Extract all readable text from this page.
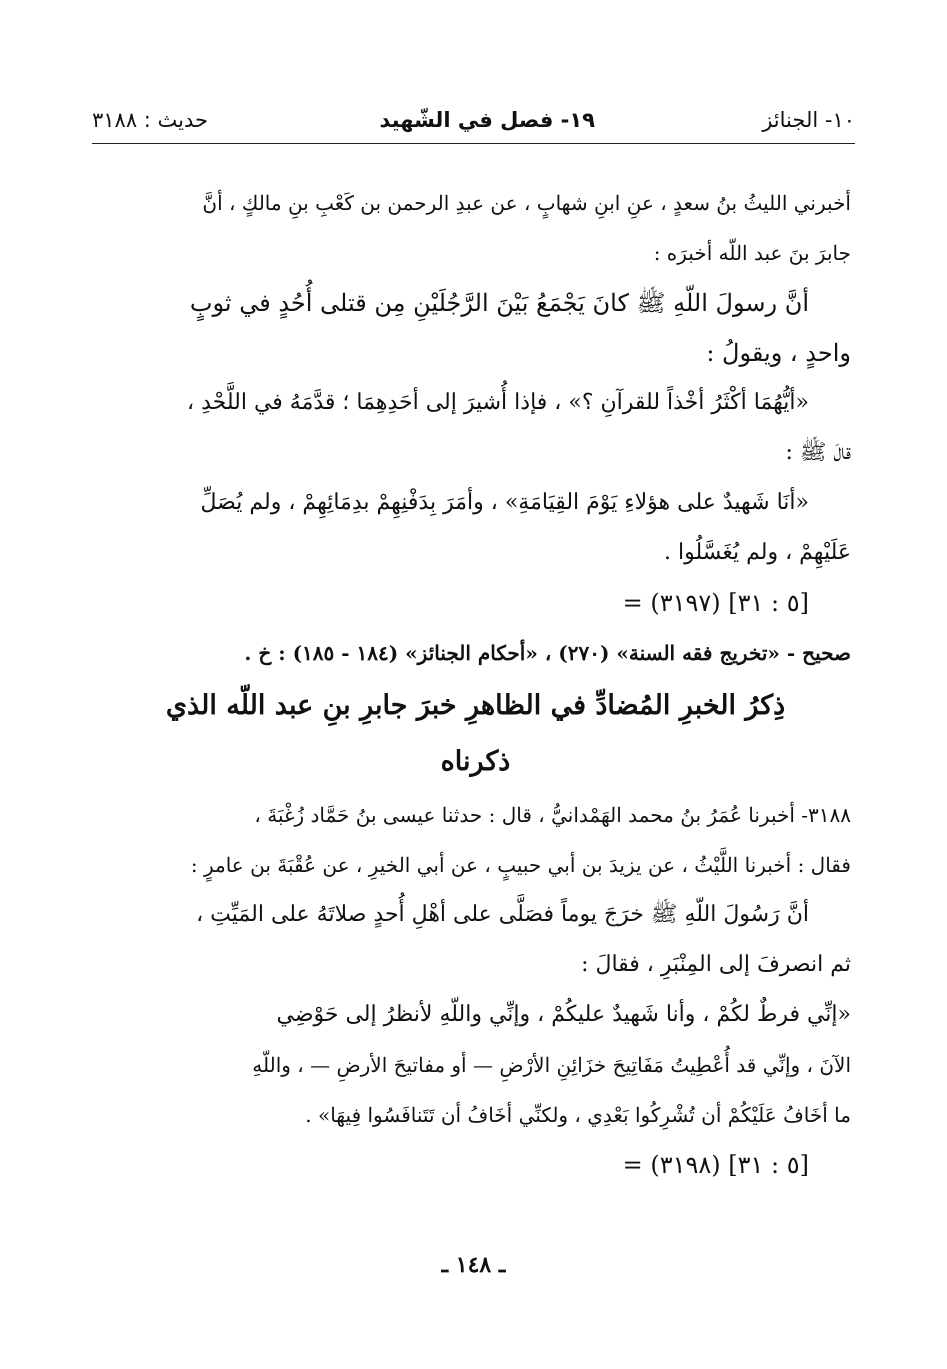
١٠- الجنائز
١٩- فصل في الشّهيد
حديث : ٣١٨٨
أخبرني الليثُ بنُ سعدٍ ، عنِ ابنِ شهابٍ ، عن عبدِ الرحمن بن كَعْبِ بنِ مالكٍ ، أنَّ
جابرَ بنَ عبد اللّه أخبرَه :
أنَّ رسولَ اللّهِ ﷺ كانَ يَجْمَعُ بَيْنَ الرَّجُلَيْنِ مِن قتلى أُحُدٍ في ثوبٍ
واحدٍ ، ويقولُ :
«أيُّهُمَا أكْثَرُ أخْذاً للقرآنِ ؟» ، فإذا أُشيرَ إلى أحَدِهِمَا ؛ قدَّمَهُ في اللَّحْدِ ،
قالَ ﷺ :
«أنَا شَهيدٌ على هؤلاءِ يَوْمَ القِيَامَةِ» ، وأمَرَ بِدَفْنِهِمْ بدِمَائِهِمْ ، ولم يُصَلِّ
عَلَيْهِمْ ، ولم يُغَسَّلُوا .
= (٣١٩٧) [٥ : ٣١]
صحيح - «تخريج فقه السنة» (٢٧٠) ، «أحكام الجنائز» (١٨٤ - ١٨٥) : خ .
ذِكرُ الخبرِ المُضادِّ في الظاهرِ خبرَ جابرِ بنِ عبد اللّه الذي
ذكرناه
٣١٨٨- أخبرنا عُمَرُ بنُ محمد الهَمْدانيُّ ، قال : حدثنا عيسى بنُ حَمَّاد زُغْبَةَ ،
فقال : أخبرنا اللَّيْثُ ، عن يزيدَ بن أبي حبيبٍ ، عن أبي الخيرِ ، عن عُقْبَةَ بن عامرٍ :
أنَّ رَسُولَ اللّهِ ﷺ خرَجَ يوماً فصَلَّى على أهْلِ أُحدٍ صلاتَهُ على المَيِّتِ ،
ثم انصرفَ إلى المِنْبَرِ ، فقالَ :
«إنِّي فرطٌ لكُمْ ، وأنا شَهيدٌ عليكُمْ ، وإنِّي واللّهِ لأنظرُ إلى حَوْضِي
الآنَ ، وإنِّي قد أُعْطِيتُ مَفَاتِيحَ خزَائِنِ الأرْضِ — أو مفاتيحَ الأرضِ — ، واللّهِ
ما أخَافُ عَلَيْكُمْ أن تُشْرِكُوا بَعْدِي ، ولكنِّي أخَافُ أن تَتَنافَسُوا فِيهَا» .
= (٣١٩٨) [٥ : ٣١]
ـ ١٤٨ ـ
